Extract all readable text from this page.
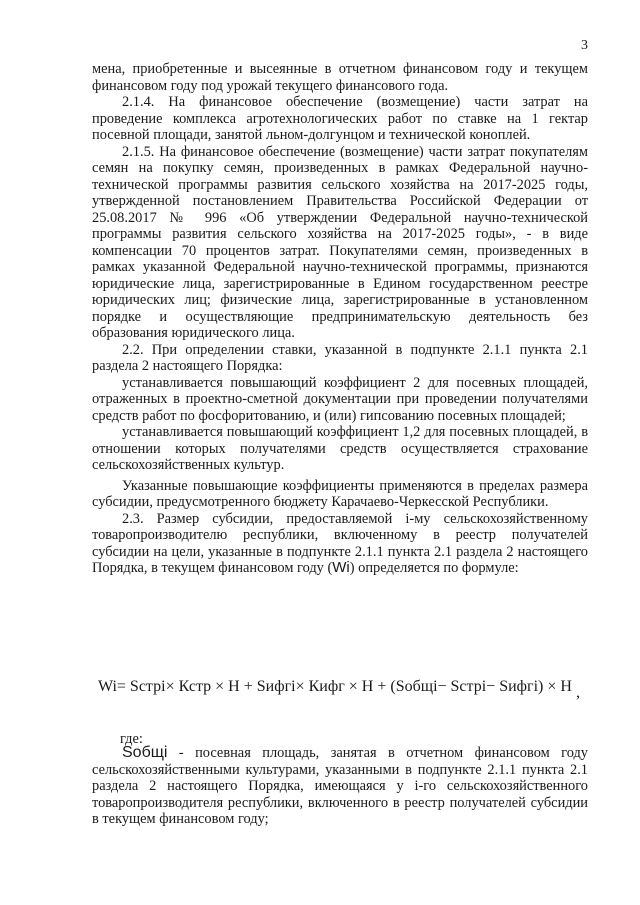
3

мена, приобретенные и высеянные в отчетном финансовом году и текущем финансовом году под урожай текущего финансового года.

2.1.4. На финансовое обеспечение (возмещение) части затрат на проведение комплекса агротехнологических работ по ставке на 1 гектар посевной площади, занятой льном-долгунцом и технической коноплей.

2.1.5. На финансовое обеспечение (возмещение) части затрат покупателям семян на покупку семян, произведенных в рамках Федеральной научно-технической программы развития сельского хозяйства на 2017-2025 годы, утвержденной постановлением Правительства Российской Федерации от 25.08.2017 № 996 «Об утверждении Федеральной научно-технической программы развития сельского хозяйства на 2017-2025 годы», - в виде компенсации 70 процентов затрат. Покупателями семян, произведенных в рамках указанной Федеральной научно-технической программы, признаются юридические лица, зарегистрированные в Едином государственном реестре юридических лиц; физические лица, зарегистрированные в установленном порядке и осуществляющие предпринимательскую деятельность без образования юридического лица.

2.2. При определении ставки, указанной в подпункте 2.1.1 пункта 2.1 раздела 2 настоящего Порядка:

устанавливается повышающий коэффициент 2 для посевных площадей, отраженных в проектно-сметной документации при проведении получателями средств работ по фосфоритованию, и (или) гипсованию посевных площадей;

устанавливается повышающий коэффициент 1,2 для посевных площадей, в отношении которых получателями средств осуществляется страхование сельскохозяйственных культур.

Указанные повышающие коэффициенты применяются в пределах размера субсидии, предусмотренного бюджету Карачаево-Черкесской Республики.

2.3. Размер субсидии, предоставляемой i-му сельскохозяйственному товаропроизводителю республики, включенному в реестр получателей субсидии на цели, указанные в подпункте 2.1.1 пункта 2.1 раздела 2 настоящего Порядка, в текущем финансовом году (Wi) определяется по формуле:

Wi= Sстрi× Кстр × Н + Sифгi× Кифг × Н + (Sобщi− Sстрi− Sифгi) × Н ,
где:

Sобщi - посевная площадь, занятая в отчетном финансовом году сельскохозяйственными культурами, указанными в подпункте 2.1.1 пункта 2.1 раздела 2 настоящего Порядка, имеющаяся у i-го сельскохозяйственного товаропроизводителя республики, включенного в реестр получателей субсидии в текущем финансовом году;
